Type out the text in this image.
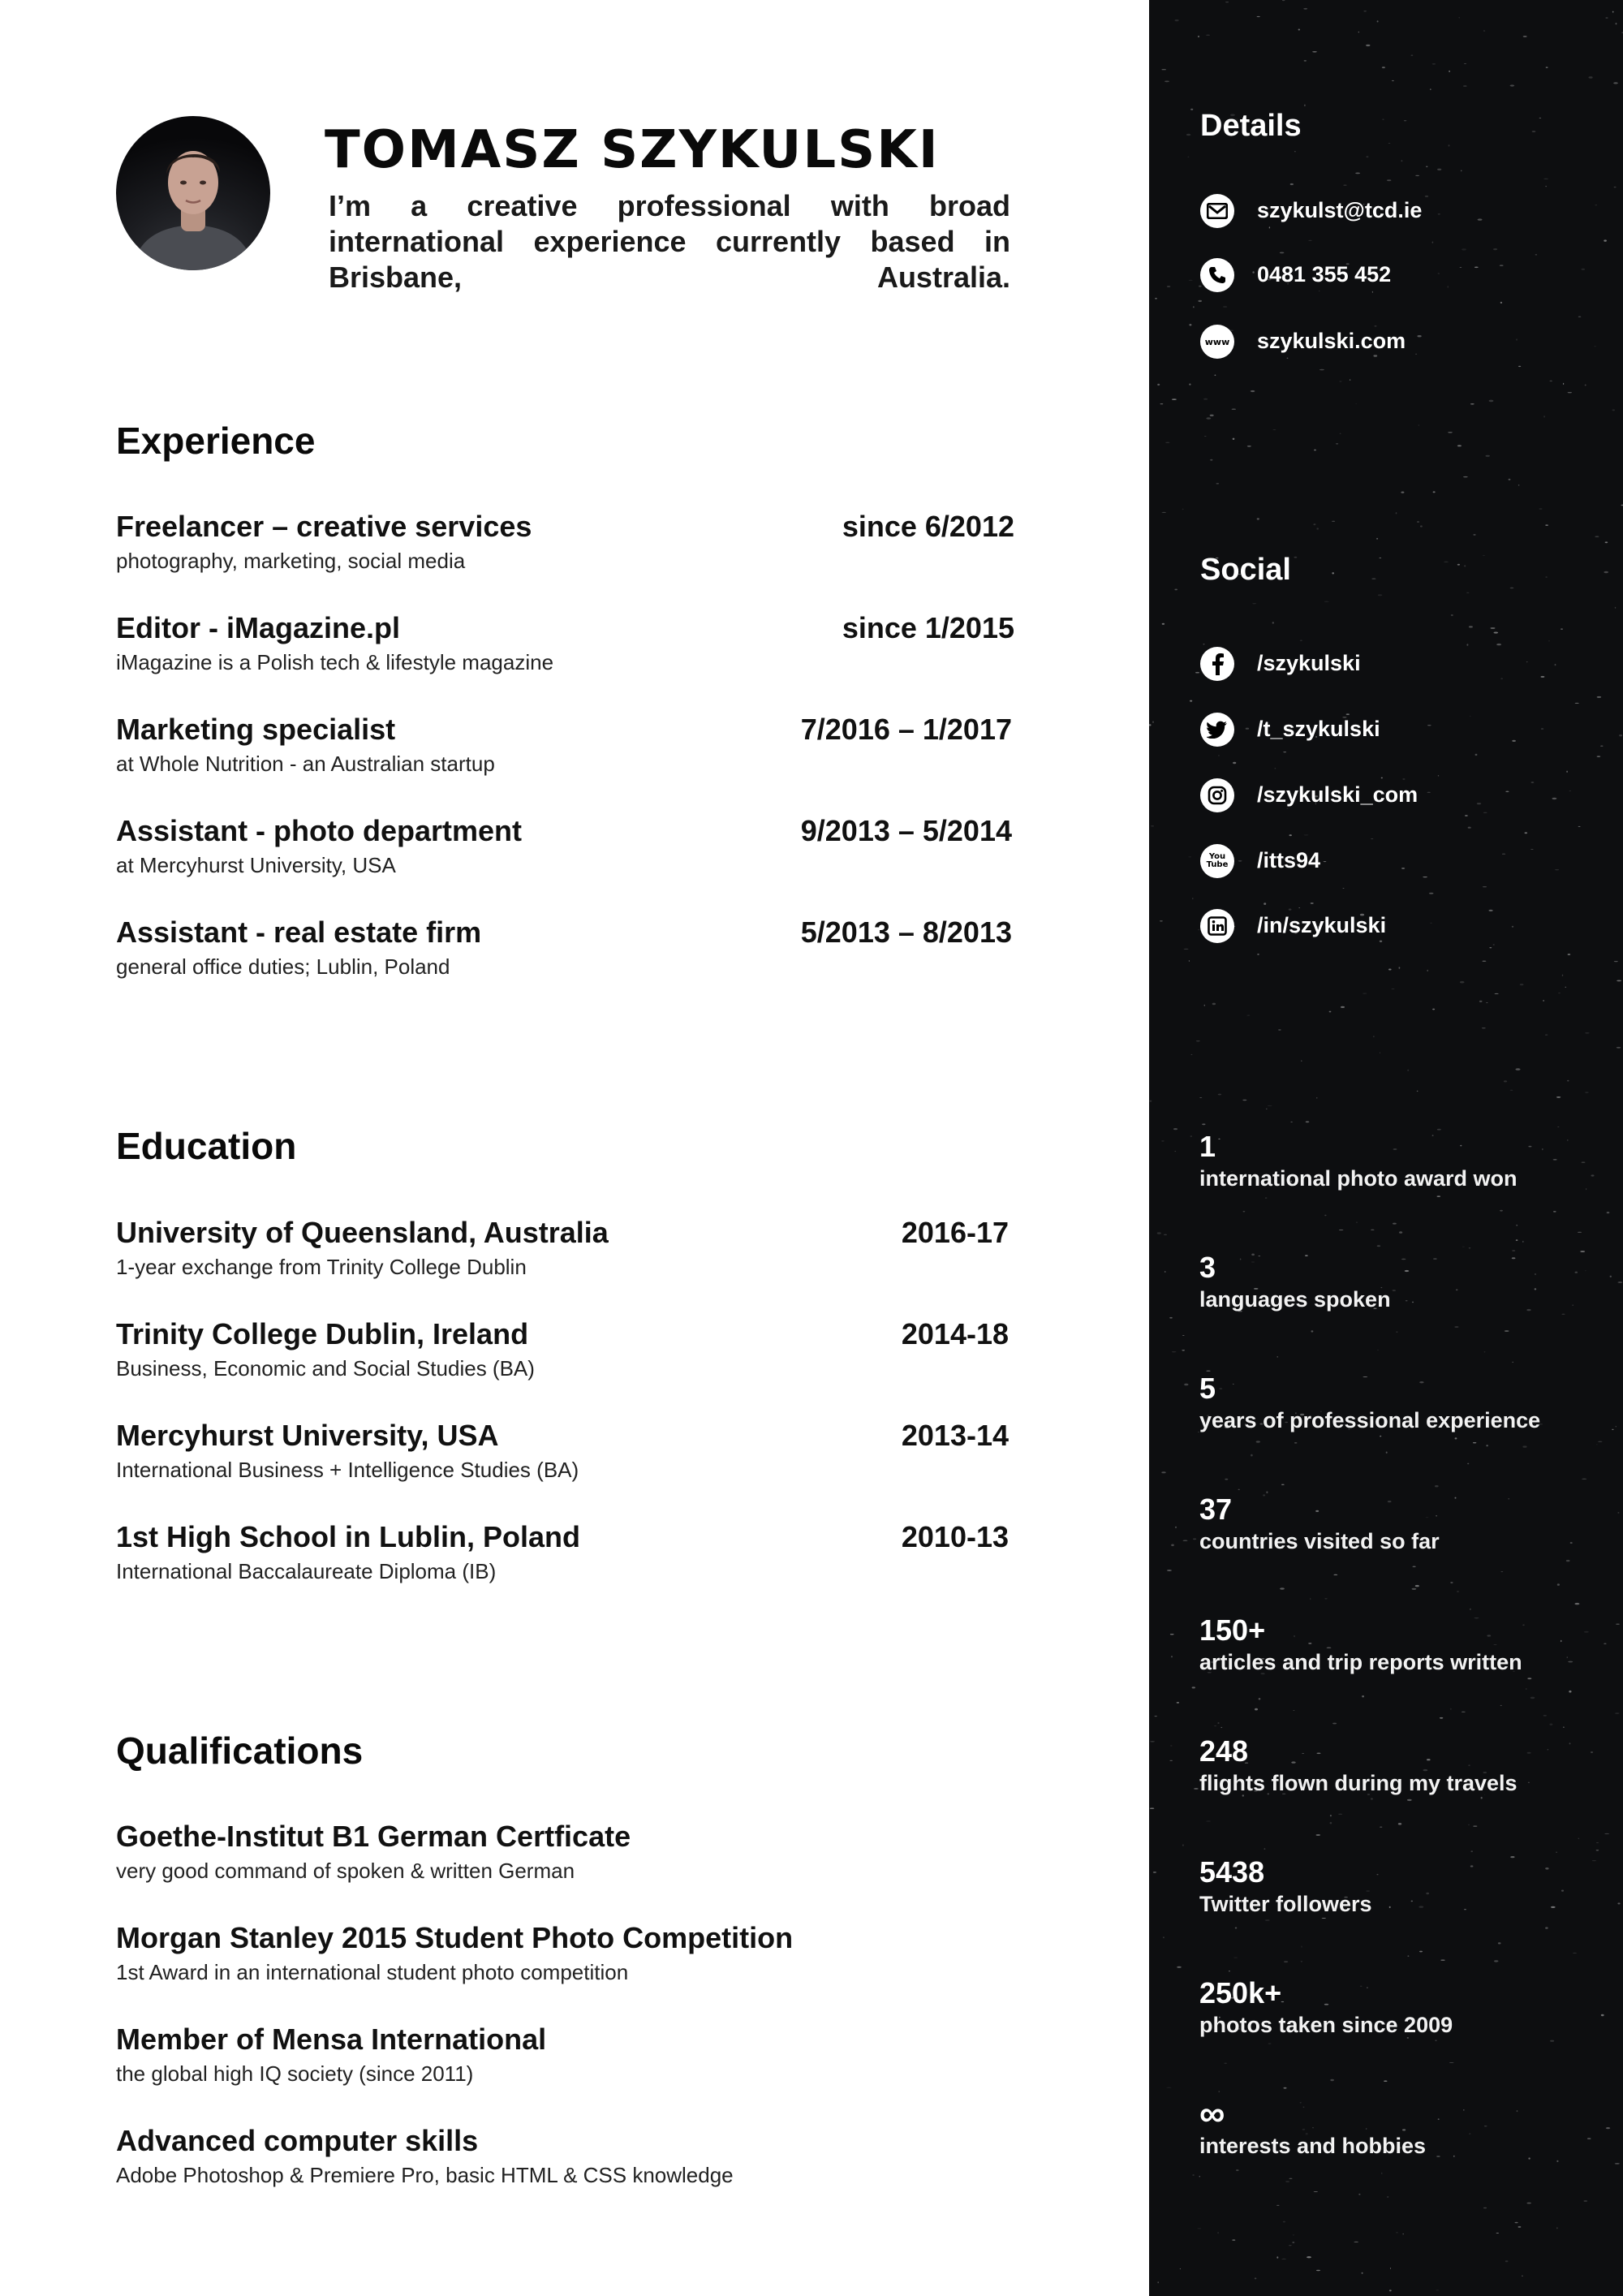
TOMASZ SZYKULSKI

I’m a creative professional with broad international experience currently based in Brisbane, Australia.

Experience

Freelancer – creative services	since 6/2012

photography, marketing, social media

Editor - iMagazine.pl	since 1/2015

iMagazine is a Polish tech & lifestyle magazine

Marketing specialist	7/2016 – 1/2017

at Whole Nutrition - an Australian startup

Assistant - photo department	9/2013 – 5/2014

at Mercyhurst University, USA

Assistant - real estate firm	5/2013 – 8/2013

general office duties; Lublin, Poland

Education

University of Queensland, Australia	2016-17

1-year exchange from Trinity College Dublin

Trinity College Dublin, Ireland	2014-18

Business, Economic and Social Studies (BA)

Mercyhurst University, USA	2013-14

International Business + Intelligence Studies (BA)

1st High School in Lublin, Poland	2010-13

International Baccalaureate Diploma (IB)

Qualifications

Goethe-Institut B1 German Certficate

very good command of spoken & written German

Morgan Stanley 2015 Student Photo Competition

1st Award in an international student photo competition

Member of Mensa International

the global high IQ society (since 2011)

Advanced computer skills

Adobe Photoshop & Premiere Pro, basic HTML & CSS knowledge

Details

szykulst@tcd.ie

0481 355 452

www szykulski.com

Social

/szykulski

/t_szykulski

/szykulski_com

You Tube /itts94

/in/szykulski

1

international photo award won

3

languages spoken

5

years of professional experience

37

countries visited so far

150+

articles and trip reports written

248

flights flown during my travels

5438

Twitter followers

250k+

photos taken since 2009

∞

interests and hobbies
